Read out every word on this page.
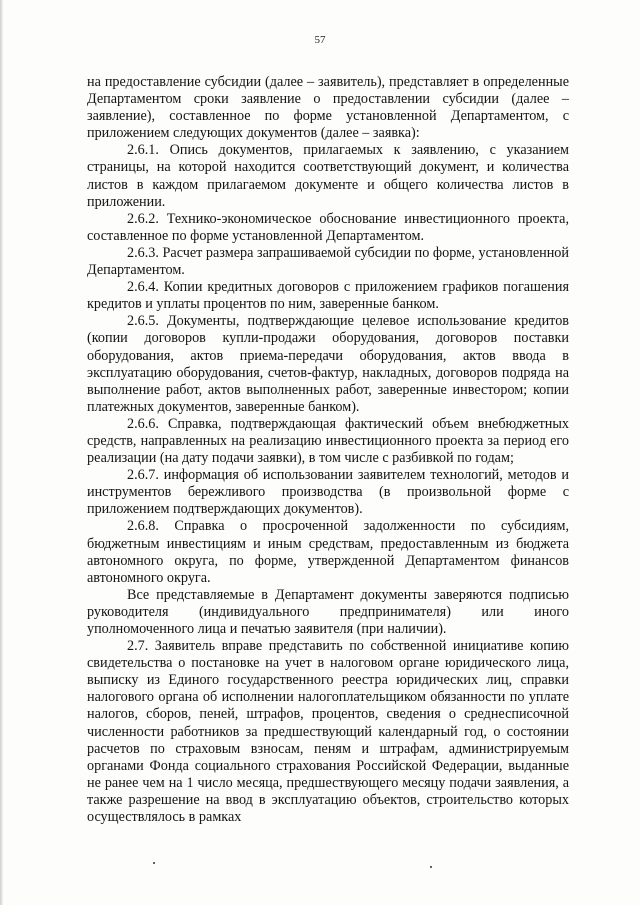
57

на предоставление субсидии (далее – заявитель), представляет в определенные Департаментом сроки заявление о предоставлении субсидии (далее – заявление), составленное по форме установленной Департаментом, с приложением следующих документов (далее – заявка):

2.6.1. Опись документов, прилагаемых к заявлению, с указанием страницы, на которой находится соответствующий документ, и количества листов в каждом прилагаемом документе и общего количества листов в приложении.

2.6.2. Технико-экономическое обоснование инвестиционного проекта, составленное по форме установленной Департаментом.

2.6.3. Расчет размера запрашиваемой субсидии по форме, установленной Департаментом.

2.6.4. Копии кредитных договоров с приложением графиков погашения кредитов и уплаты процентов по ним, заверенные банком.

2.6.5. Документы, подтверждающие целевое использование кредитов (копии договоров купли-продажи оборудования, договоров поставки оборудования, актов приема-передачи оборудования, актов ввода в эксплуатацию оборудования, счетов-фактур, накладных, договоров подряда на выполнение работ, актов выполненных работ, заверенные инвестором; копии платежных документов, заверенные банком).

2.6.6. Справка, подтверждающая фактический объем внебюджетных средств, направленных на реализацию инвестиционного проекта за период его реализации (на дату подачи заявки), в том числе с разбивкой по годам;

2.6.7. информация об использовании заявителем технологий, методов и инструментов бережливого производства (в произвольной форме с приложением подтверждающих документов).

2.6.8. Справка о просроченной задолженности по субсидиям, бюджетным инвестициям и иным средствам, предоставленным из бюджета автономного округа, по форме, утвержденной Департаментом финансов автономного округа.

Все представляемые в Департамент документы заверяются подписью руководителя (индивидуального предпринимателя) или иного уполномоченного лица и печатью заявителя (при наличии).

2.7. Заявитель вправе представить по собственной инициативе копию свидетельства о постановке на учет в налоговом органе юридического лица, выписку из Единого государственного реестра юридических лиц, справки налогового органа об исполнении налогоплательщиком обязанности по уплате налогов, сборов, пеней, штрафов, процентов, сведения о среднесписочной численности работников за предшествующий календарный год, о состоянии расчетов по страховым взносам, пеням и штрафам, администрируемым органами Фонда социального страхования Российской Федерации, выданные не ранее чем на 1 число месяца, предшествующего месяцу подачи заявления, а также разрешение на ввод в эксплуатацию объектов, строительство которых осуществлялось в рамках
